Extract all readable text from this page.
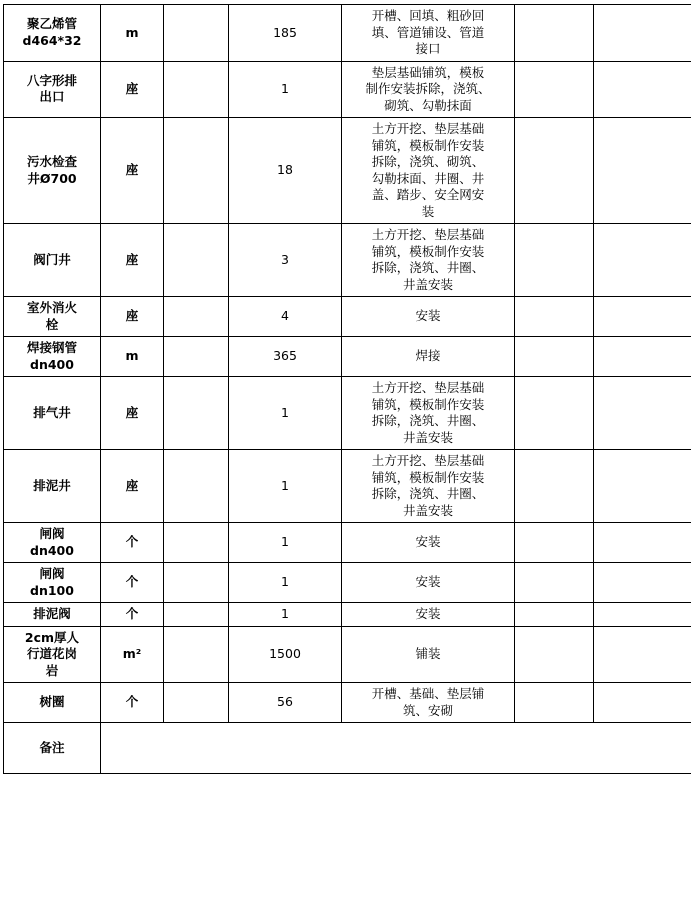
聚乙烯管
d464*32	m		185	开槽、回填、粗砂回
填、管道铺设、管道
接口		

八字形排
出口	座		1	垫层基础铺筑，模板
制作安装拆除，浇筑、
砌筑、勾勒抹面		

污水检查
井Ø700
	座		18	
土方开挖、垫层基础
铺筑，模板制作安装
拆除，浇筑、砌筑、
勾勒抹面、井圈、井
盖、踏步、安全网安
装

阀门井	座		3	土方开挖、垫层基础
铺筑，模板制作安装
拆除，浇筑、井圈、
井盖安装		

室外消火
栓	座		4	安装		

焊接钢管
dn400	m		365	焊接		

排气井	座		1	土方开挖、垫层基础
铺筑，模板制作安装
拆除，浇筑、井圈、
井盖安装		

排泥井	座		1	土方开挖、垫层基础
铺筑，模板制作安装
拆除，浇筑、井圈、
井盖安装		

闸阀
dn400	个		1	安装		

闸阀
dn100	个		1	安装		

排泥阀	个		1	安装		

2cm厚人
行道花岗
岩	m²		1500	铺装		

树圈	个		56	开槽、基础、垫层铺
筑、安砌		

备注						
